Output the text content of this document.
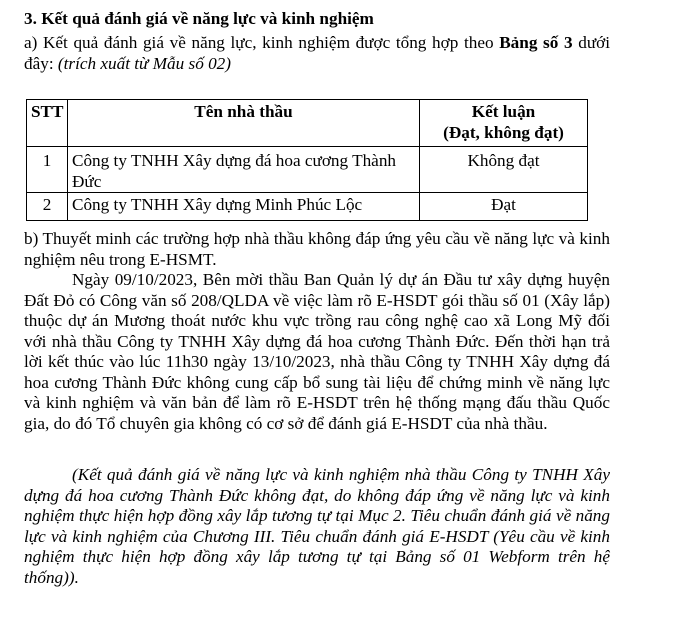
3. Kết quả đánh giá về năng lực và kinh nghiệm
a) Kết quả đánh giá về năng lực, kinh nghiệm được tổng hợp theo Bảng số 3 dưới đây: (trích xuất từ Mẫu số 02)
STT	Tên nhà thầu	Kết luận
(Đạt, không đạt)

1	Công ty TNHH Xây dựng đá hoa cương Thành Đức	Không đạt
2	Công ty TNHH Xây dựng Minh Phúc Lộc	Đạt
b) Thuyết minh các trường hợp nhà thầu không đáp ứng yêu cầu về năng lực và kinh nghiệm nêu trong E-HSMT.

Ngày 09/10/2023, Bên mời thầu Ban Quản lý dự án Đầu tư xây dựng huyện Đất Đỏ có Công văn số 208/QLDA về việc làm rõ E-HSDT gói thầu số 01 (Xây lắp) thuộc dự án Mương thoát nước khu vực trồng rau công nghệ cao xã Long Mỹ đối với nhà thầu Công ty TNHH Xây dựng đá hoa cương Thành Đức. Đến thời hạn trả lời kết thúc vào lúc 11h30 ngày 13/10/2023, nhà thầu Công ty TNHH Xây dựng đá hoa cương Thành Đức không cung cấp bổ sung tài liệu để chứng minh về năng lực và kinh nghiệm và văn bản để làm rõ E-HSDT trên hệ thống mạng đấu thầu Quốc gia, do đó Tổ chuyên gia không có cơ sở để đánh giá E-HSDT của nhà thầu.

(Kết quả đánh giá về năng lực và kinh nghiệm nhà thầu Công ty TNHH Xây dựng đá hoa cương Thành Đức không đạt, do không đáp ứng về năng lực và kinh nghiệm thực hiện hợp đồng xây lắp tương tự tại Mục 2. Tiêu chuẩn đánh giá về năng lực và kinh nghiệm của Chương III. Tiêu chuẩn đánh giá E-HSDT (Yêu cầu về kinh nghiệm thực hiện hợp đồng xây lắp tương tự tại Bảng số 01 Webform trên hệ thống)).
